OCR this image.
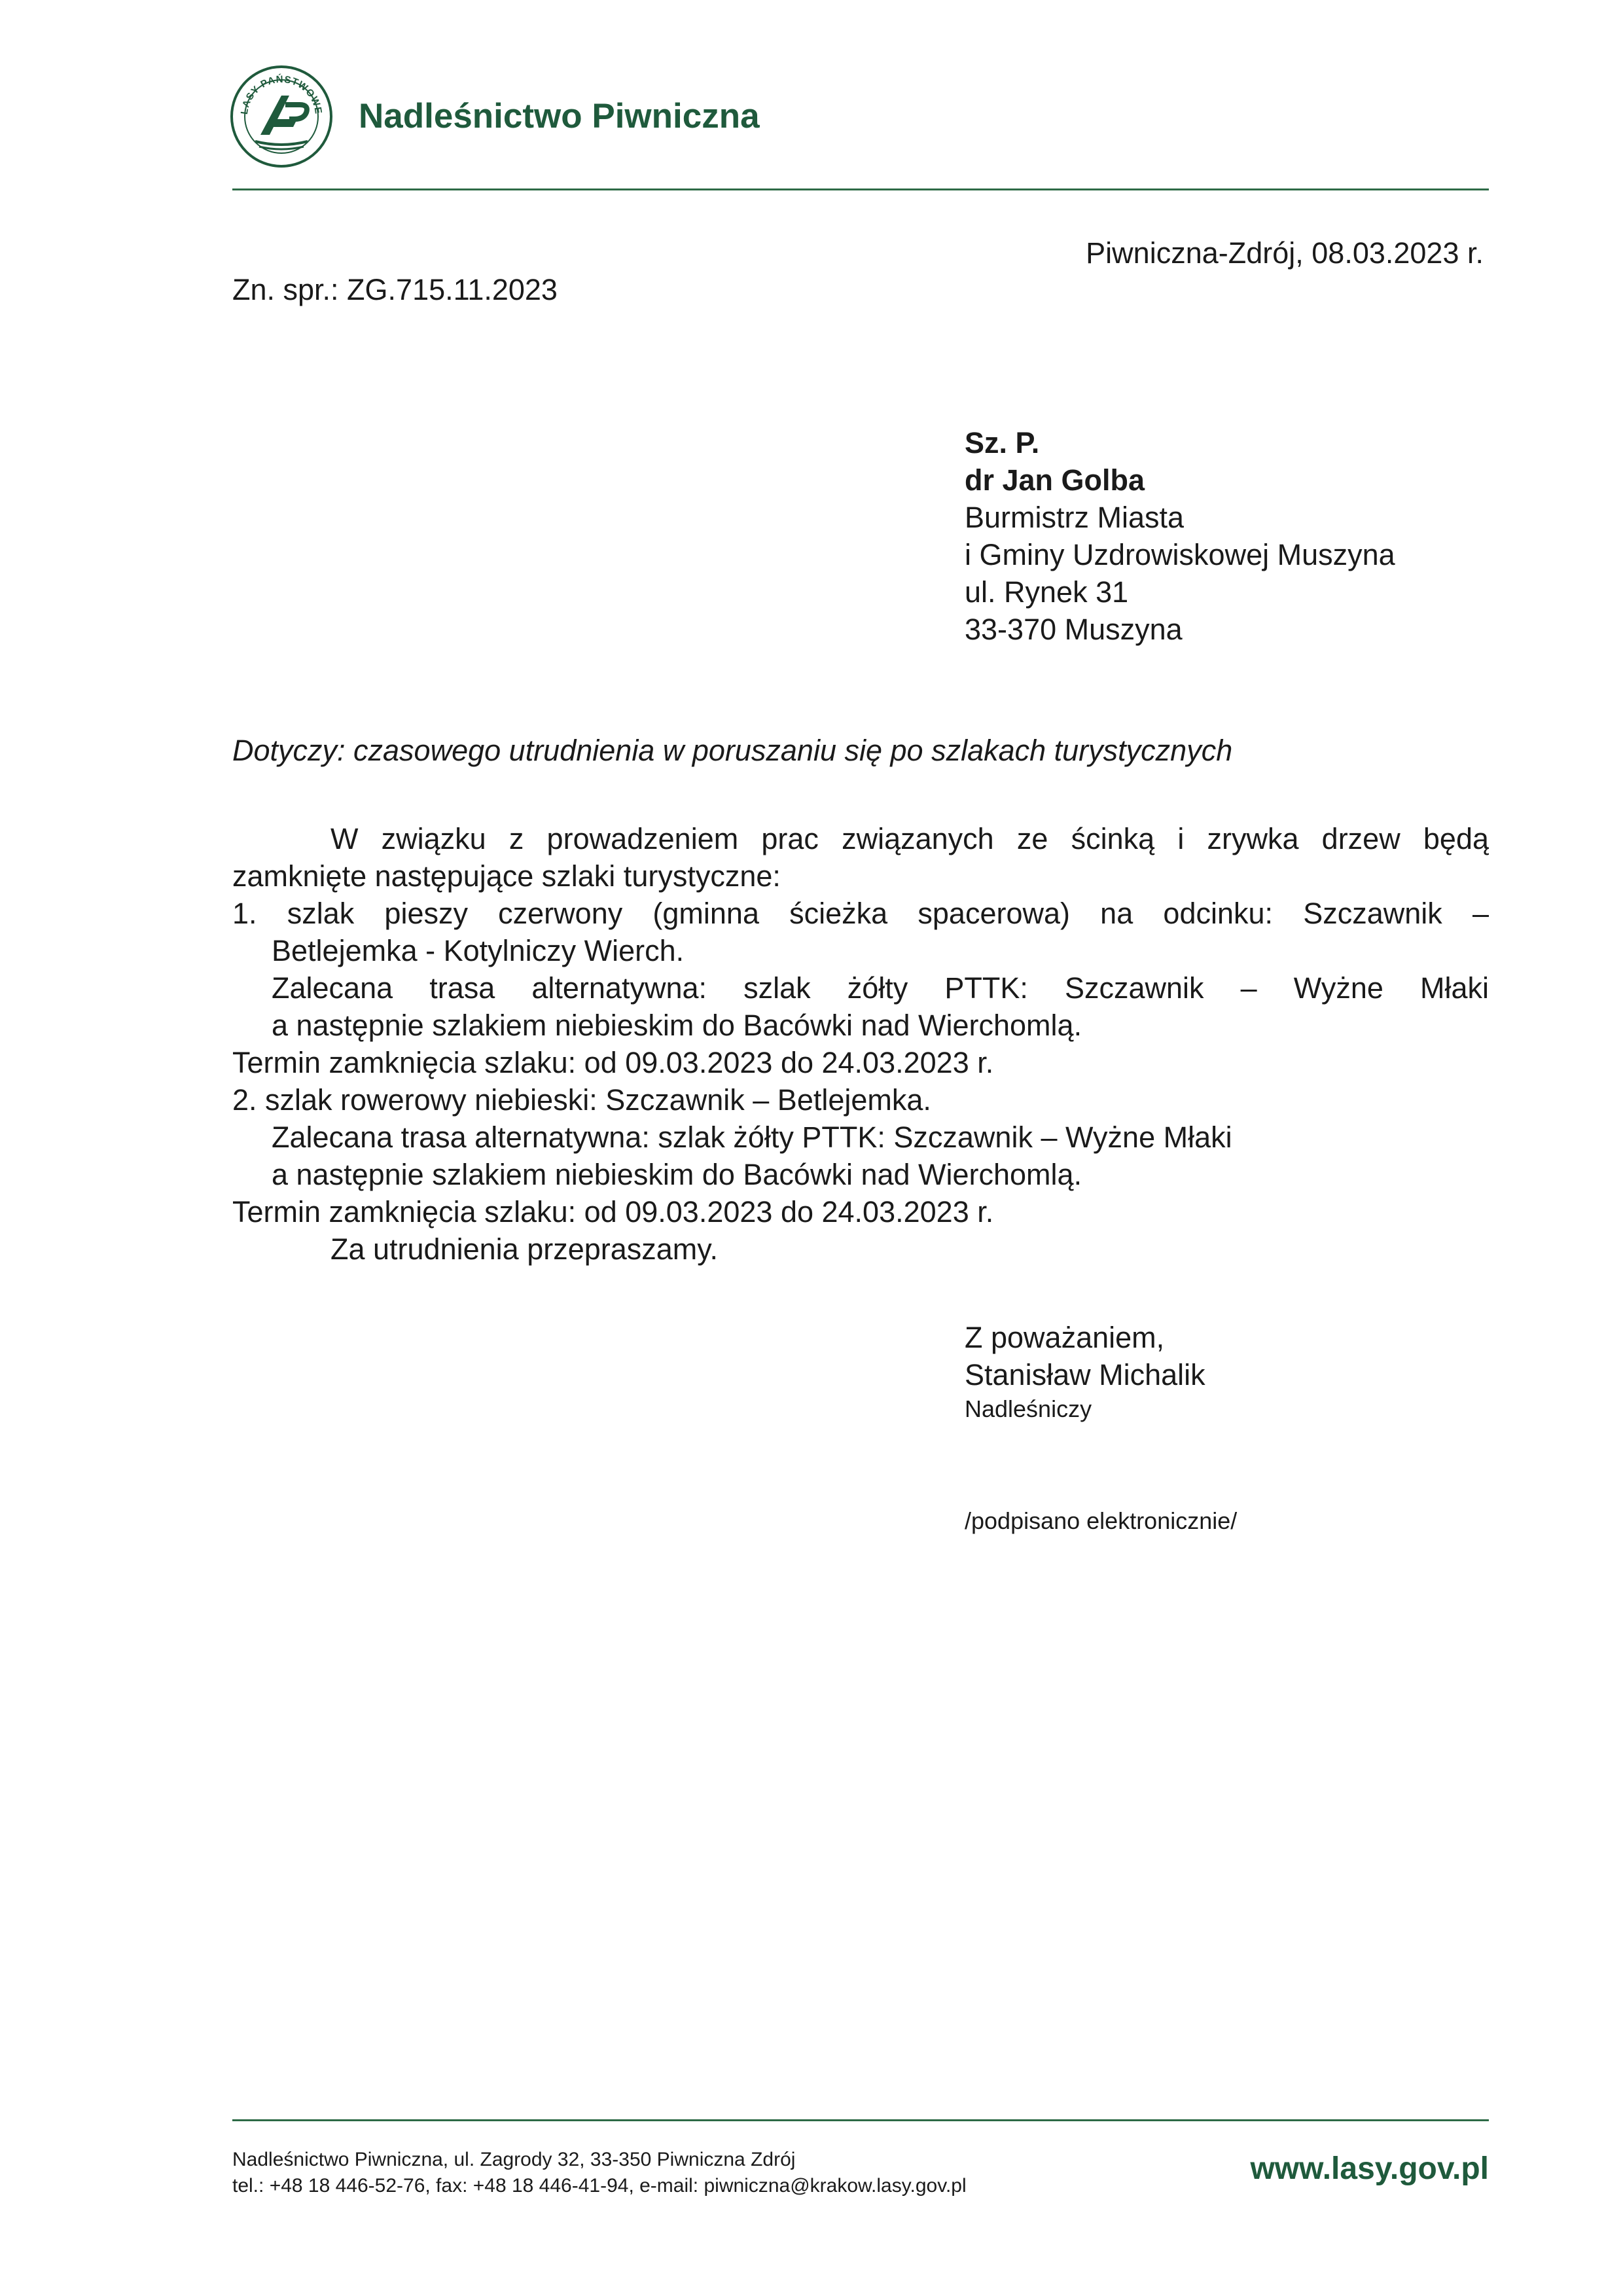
LASY PAŃSTWOWE Nadleśnictwo Piwniczna
Piwniczna-Zdrój, 08.03.2023 r.
Zn. spr.: ZG.715.11.2023
Sz. P.
dr Jan Golba
Burmistrz Miasta
i Gminy Uzdrowiskowej Muszyna
ul. Rynek 31
33-370 Muszyna
Dotyczy: czasowego utrudnienia w poruszaniu się po szlakach turystycznych
W związku z prowadzeniem prac związanych ze ścinką i zrywka drzew będą
zamknięte następujące szlaki turystyczne:
1. szlak pieszy czerwony (gminna ścieżka spacerowa) na odcinku: Szczawnik –
Betlejemka - Kotylniczy Wierch.
Zalecana trasa alternatywna: szlak żółty PTTK: Szczawnik – Wyżne Młaki
a następnie szlakiem niebieskim do Bacówki nad Wierchomlą.
Termin zamknięcia szlaku: od 09.03.2023 do 24.03.2023 r.
2. szlak rowerowy niebieski: Szczawnik – Betlejemka.
Zalecana trasa alternatywna: szlak żółty PTTK: Szczawnik – Wyżne Młaki
a następnie szlakiem niebieskim do Bacówki nad Wierchomlą.
Termin zamknięcia szlaku: od 09.03.2023 do 24.03.2023 r.
Za utrudnienia przepraszamy.
Z poważaniem,
Stanisław Michalik
Nadleśniczy
/podpisano elektronicznie/
Nadleśnictwo Piwniczna, ul. Zagrody 32, 33-350 Piwniczna Zdrój
tel.: +48 18 446-52-76, fax: +48 18 446-41-94, e-mail: piwniczna@krakow.lasy.gov.pl	www.lasy.gov.pl
